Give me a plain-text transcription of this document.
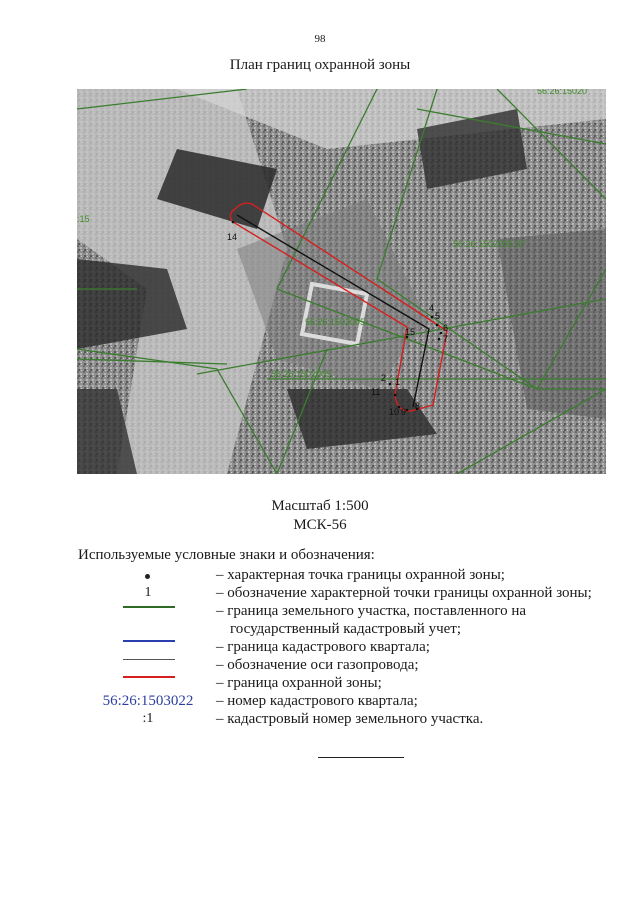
98
План границ охранной зоны
14
4
5
6
7
8
9
10
11
2
15
1
56:26:1502005:37
56:26:1502005:
56:26:1502005:
56:26:15020
:15
Масштаб 1:500
МСК-56
Используемые условные знаки и обозначения:
– характерная точка границы охранной зоны;
1	– обозначение характерной точки границы охранной зоны;
– граница земельного участка, поставленного на
государственный кадастровый учет;
– граница кадастрового квартала;
– обозначение оси газопровода;
– граница охранной зоны;
56:26:1503022	– номер кадастрового квартала;
:1	– кадастровый номер земельного участка.
